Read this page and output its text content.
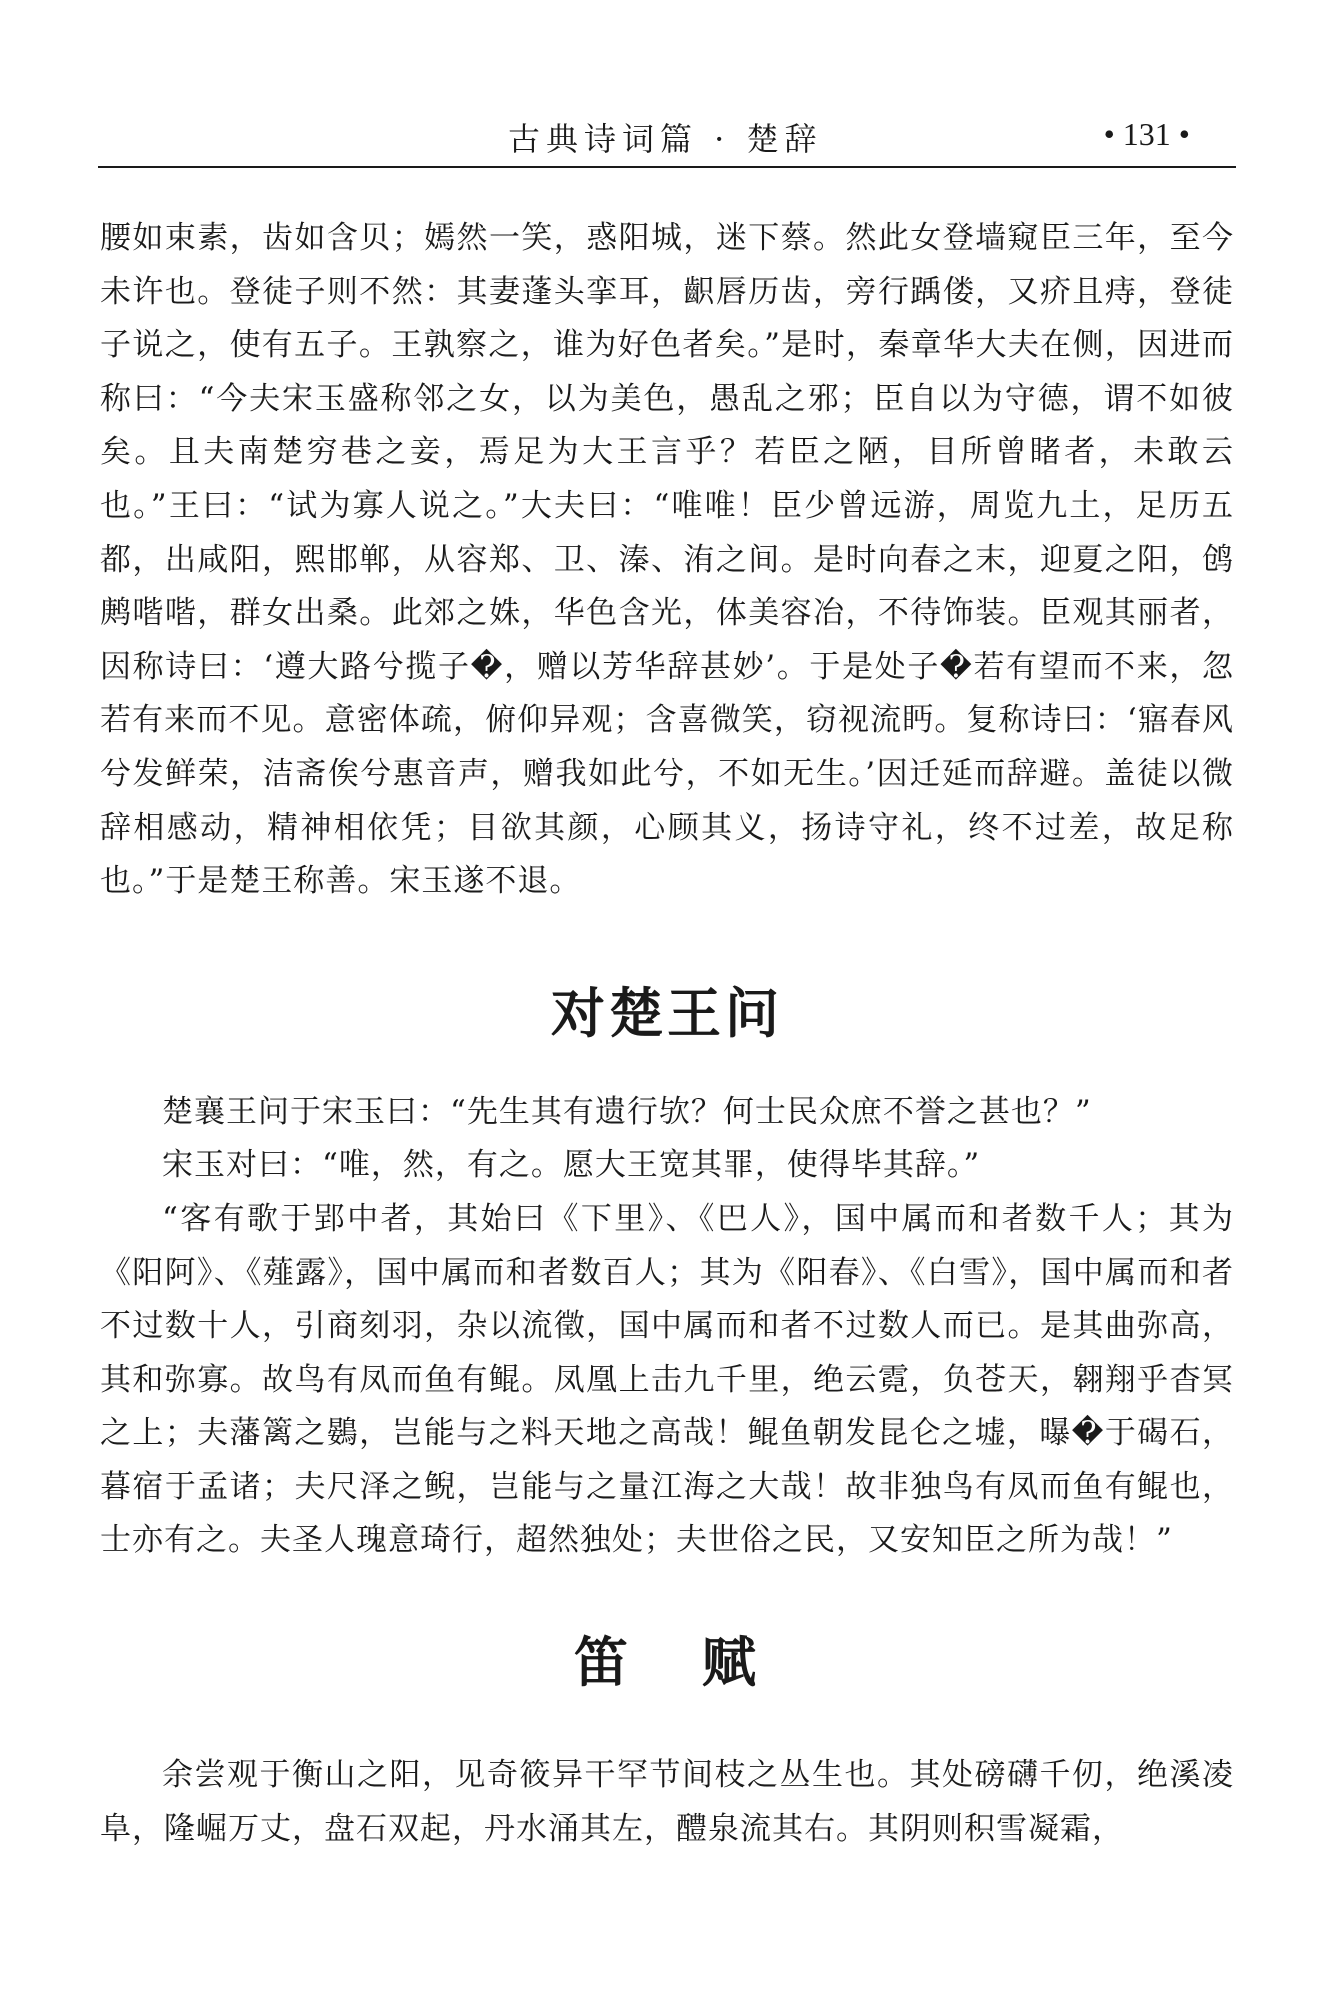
古典诗词篇 · 楚辞	• 131 •

腰如束素，齿如含贝；嫣然一笑，惑阳城，迷下蔡。然此女登墙窥臣三年，至今未许也。登徒子则不然：其妻蓬头挛耳，齞唇历齿，旁行踽偻，又疥且痔，登徒子说之，使有五子。王孰察之，谁为好色者矣。”是时，秦章华大夫在侧，因进而称曰：“今夫宋玉盛称邻之女，以为美色，愚乱之邪；臣自以为守德，谓不如彼矣。且夫南楚穷巷之妾，焉足为大王言乎？若臣之陋，目所曾睹者，未敢云也。”王曰：“试为寡人说之。”大夫曰：“唯唯！臣少曾远游，周览九土，足历五都，出咸阳，熙邯郸，从容郑、卫、溱、洧之间。是时向春之末，迎夏之阳，鸧鹒喈喈，群女出桑。此郊之姝，华色含光，体美容冶，不待饰装。臣观其丽者，因称诗曰：‘遵大路兮揽子�，赠以芳华辞甚妙’。于是处子�若有望而不来，忽若有来而不见。意密体疏，俯仰异观；含喜微笑，窃视流眄。复称诗曰：‘寤春风兮发鲜荣，洁斋俟兮惠音声，赠我如此兮，不如无生。’因迁延而辞避。盖徒以微辞相感动，精神相依凭；目欲其颜，心顾其义，扬诗守礼，终不过差，故足称也。”于是楚王称善。宋玉遂不退。

对楚王问

楚襄王问于宋玉曰：“先生其有遗行欤？何士民众庶不誉之甚也？”

宋玉对曰：“唯，然，有之。愿大王宽其罪，使得毕其辞。”

“客有歌于郢中者，其始曰《下里》、《巴人》，国中属而和者数千人；其为《阳阿》、《薤露》，国中属而和者数百人；其为《阳春》、《白雪》，国中属而和者不过数十人，引商刻羽，杂以流徵，国中属而和者不过数人而已。是其曲弥高，其和弥寡。故鸟有凤而鱼有鲲。凤凰上击九千里，绝云霓，负苍天，翱翔乎杳冥之上；夫藩篱之鷃，岂能与之料天地之高哉！鲲鱼朝发昆仑之墟，曝�于碣石，暮宿于孟诸；夫尺泽之鲵，岂能与之量江海之大哉！故非独鸟有凤而鱼有鲲也，士亦有之。夫圣人瑰意琦行，超然独处；夫世俗之民，又安知臣之所为哉！”

笛 赋

余尝观于衡山之阳，见奇筱异干罕节间枝之丛生也。其处磅礴千仞，绝溪凌阜，隆崛万丈，盘石双起，丹水涌其左，醴泉流其右。其阴则积雪凝霜，
